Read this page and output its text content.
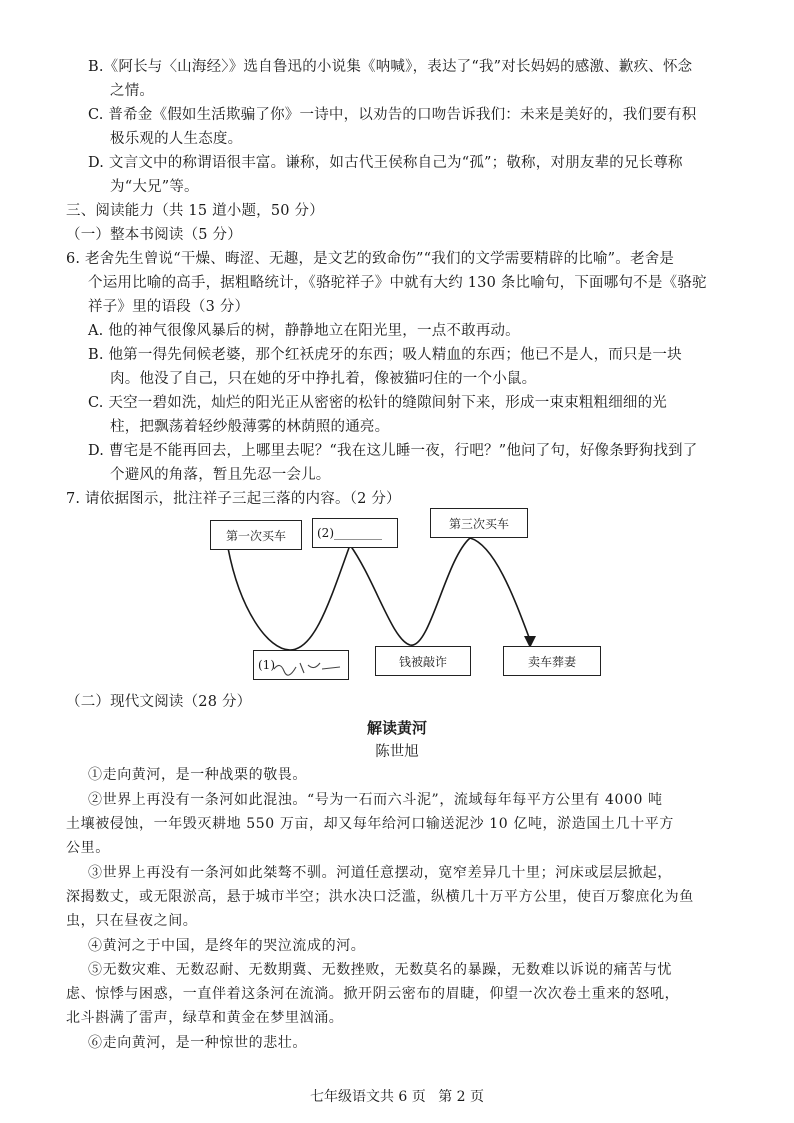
B.《阿长与〈山海经〉》选自鲁迅的小说集《呐喊》，表达了“我”对长妈妈的感激、歉疚、怀念
之情。
C. 普希金《假如生活欺骗了你》一诗中，以劝告的口吻告诉我们：未来是美好的，我们要有积
极乐观的人生态度。
D. 文言文中的称谓语很丰富。谦称，如古代王侯称自己为“孤”；敬称，对朋友辈的兄长尊称
为“大兄”等。
三、阅读能力（共 15 道小题，50 分）
（一）整本书阅读（5 分）
6. 老舍先生曾说“干燥、晦涩、无趣，是文艺的致命伤”“我们的文学需要精辟的比喻”。老舍是
个运用比喻的高手，据粗略统计，《骆驼祥子》中就有大约 130 条比喻句，下面哪句不是《骆驼
祥子》里的语段（3 分）
A. 他的神气很像风暴后的树，静静地立在阳光里，一点不敢再动。
B. 他第一得先伺候老婆，那个红袄虎牙的东西；吸人精血的东西；他已不是人，而只是一块
肉。他没了自己，只在她的牙中挣扎着，像被猫叼住的一个小鼠。
C. 天空一碧如洗，灿烂的阳光正从密密的松针的缝隙间射下来，形成一束束粗粗细细的光
柱，把飘荡着轻纱般薄雾的林荫照的通亮。
D. 曹宅是不能再回去，上哪里去呢？“我在这儿睡一夜，行吧？”他问了句，好像条野狗找到了
个避风的角落，暂且先忍一会儿。
7. 请依据图示，批注祥子三起三落的内容。（2 分）
第一次买车	(2)________
第三次买车
(1)	钱被敲诈	卖车葬妻
（二）现代文阅读（28 分）
解读黄河
陈世旭
①走向黄河，是一种战栗的敬畏。
②世界上再没有一条河如此混浊。“号为一石而六斗泥”，流域每年每平方公里有 4000 吨
土壤被侵蚀，一年毁灭耕地 550 万亩，却又每年给河口输送泥沙 10 亿吨，淤造国土几十平方
公里。
③世界上再没有一条河如此桀骜不驯。河道任意摆动，宽窄差异几十里；河床或层层掀起，
深揭数丈，或无限淤高，悬于城市半空；洪水决口泛滥，纵横几十万平方公里，使百万黎庶化为鱼
虫，只在昼夜之间。
④黄河之于中国，是终年的哭泣流成的河。
⑤无数灾难、无数忍耐、无数期冀、无数挫败，无数莫名的暴躁，无数难以诉说的痛苦与忧
虑、惊悸与困惑，一直伴着这条河在流淌。掀开阴云密布的眉睫，仰望一次次卷土重来的怒吼，
北斗斟满了雷声，绿草和黄金在梦里汹涌。
⑥走向黄河，是一种惊世的悲壮。
七年级语文共 6 页 第 2 页
